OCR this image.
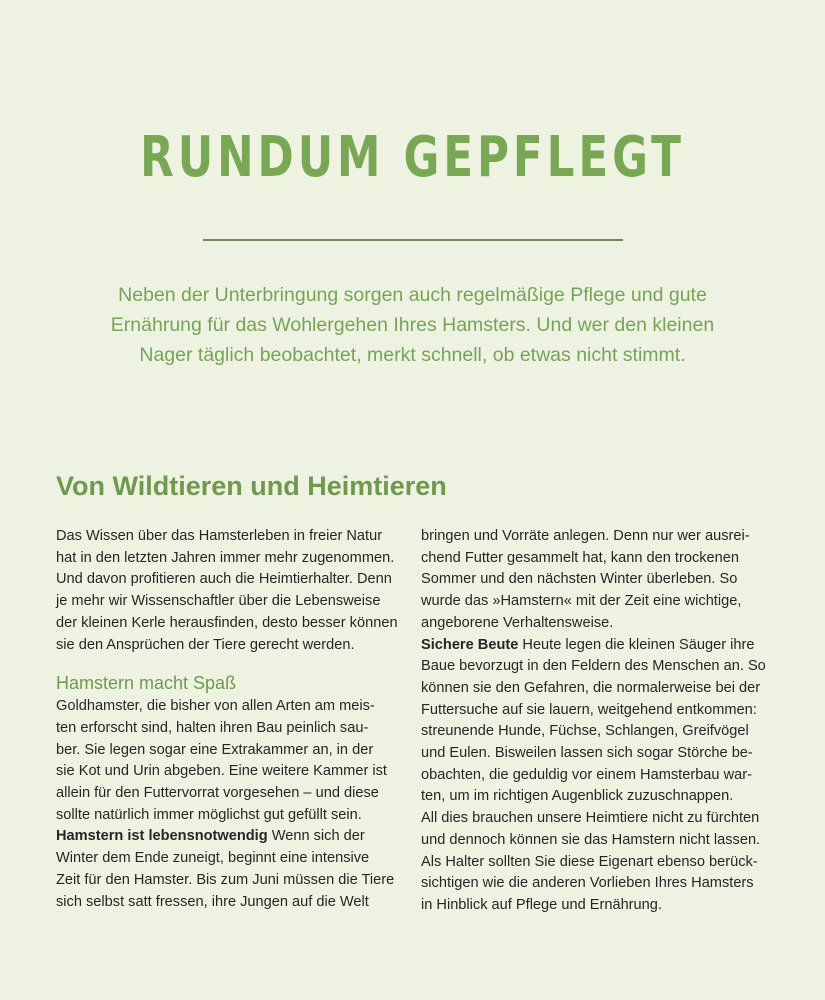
RUNDUM GEPFLEGT

Neben der Unterbringung sorgen auch regelmäßige Pflege und gute
Ernährung für das Wohlergehen Ihres Hamsters. Und wer den kleinen
Nager täglich beobachtet, merkt schnell, ob etwas nicht stimmt.

Von Wildtieren und Heimtieren

Das Wissen über das Hamsterleben in freier Natur
hat in den letzten Jahren immer mehr zugenommen.
Und davon profitieren auch die Heimtierhalter. Denn
je mehr wir Wissenschaftler über die Lebensweise
der kleinen Kerle herausfinden, desto besser können
sie den Ansprüchen der Tiere gerecht werden.

Hamstern macht Spaß

Goldhamster, die bisher von allen Arten am meis-
ten erforscht sind, halten ihren Bau peinlich sau-
ber. Sie legen sogar eine Extrakammer an, in der
sie Kot und Urin abgeben. Eine weitere Kammer ist
allein für den Futtervorrat vorgesehen – und diese
sollte natürlich immer möglichst gut gefüllt sein.

Hamstern ist lebensnotwendig Wenn sich der
Winter dem Ende zuneigt, beginnt eine intensive
Zeit für den Hamster. Bis zum Juni müssen die Tiere
sich selbst satt fressen, ihre Jungen auf die Welt

bringen und Vorräte anlegen. Denn nur wer ausrei-
chend Futter gesammelt hat, kann den trockenen
Sommer und den nächsten Winter überleben. So
wurde das »Hamstern« mit der Zeit eine wichtige,
angeborene Verhaltensweise.

Sichere Beute Heute legen die kleinen Säuger ihre
Baue bevorzugt in den Feldern des Menschen an. So
können sie den Gefahren, die normalerweise bei der
Futtersuche auf sie lauern, weitgehend entkommen:
streunende Hunde, Füchse, Schlangen, Greifvögel
und Eulen. Bisweilen lassen sich sogar Störche be-
obachten, die geduldig vor einem Hamsterbau war-
ten, um im richtigen Augenblick zuzuschnappen.

All dies brauchen unsere Heimtiere nicht zu fürchten
und dennoch können sie das Hamstern nicht lassen.
Als Halter sollten Sie diese Eigenart ebenso berück-
sichtigen wie die anderen Vorlieben Ihres Hamsters
in Hinblick auf Pflege und Ernährung.
